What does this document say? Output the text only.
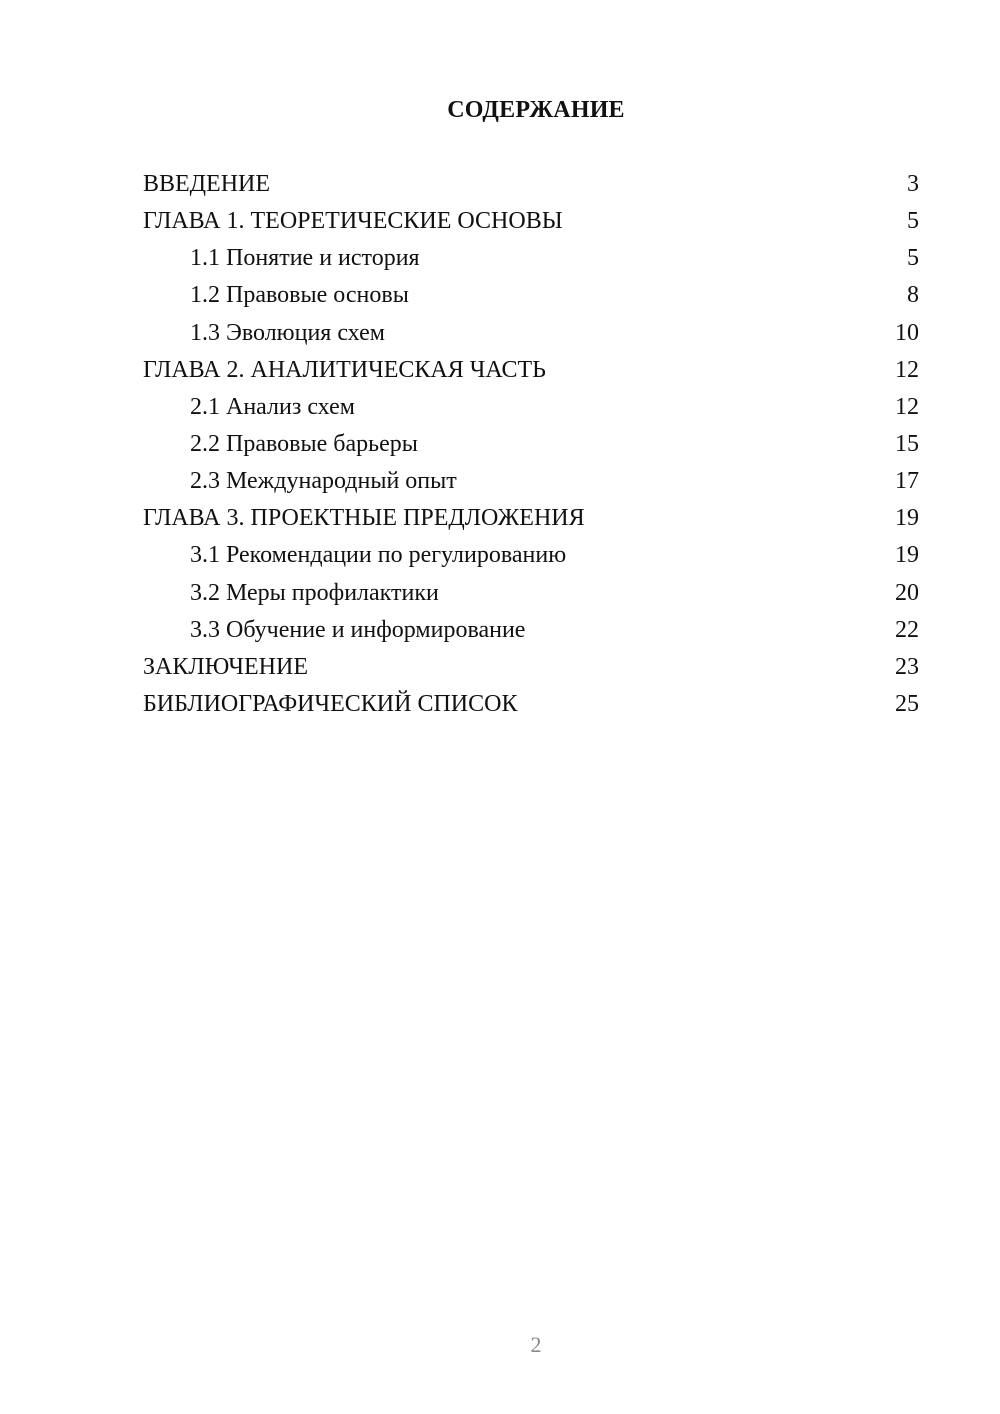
СОДЕРЖАНИЕ
ВВЕДЕНИЕ	3
ГЛАВА 1. ТЕОРЕТИЧЕСКИЕ ОСНОВЫ	5
1.1 Понятие и история	5
1.2 Правовые основы	8
1.3 Эволюция схем	10
ГЛАВА 2. АНАЛИТИЧЕСКАЯ ЧАСТЬ	12
2.1 Анализ схем	12
2.2 Правовые барьеры	15
2.3 Международный опыт	17
ГЛАВА 3. ПРОЕКТНЫЕ ПРЕДЛОЖЕНИЯ	19
3.1 Рекомендации по регулированию	19
3.2 Меры профилактики	20
3.3 Обучение и информирование	22
ЗАКЛЮЧЕНИЕ	23
БИБЛИОГРАФИЧЕСКИЙ СПИСОК	25
2
